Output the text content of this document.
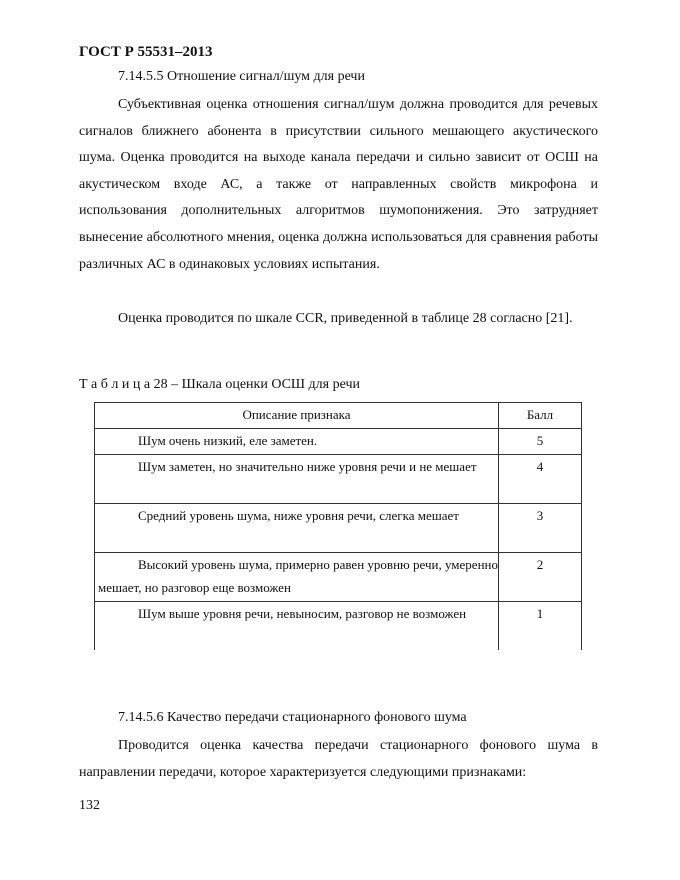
ГОСТ Р 55531–2013
7.14.5.5 Отношение сигнал/шум для речи
Субъективная оценка отношения сигнал/шум должна проводится для речевых сигналов ближнего абонента в присутствии сильного мешающего акустического шума. Оценка проводится на выходе канала передачи и сильно зависит от ОСШ на акустическом входе АС, а также от направленных свойств микрофона и использования дополнительных алгоритмов шумопонижения. Это затрудняет вынесение абсолютного мнения, оценка должна использоваться для сравнения работы различных АС в одинаковых условиях испытания.
Оценка проводится по шкале CCR, приведенной в таблице 28 согласно [21].
Т а б л и ц а 28 – Шкала оценки ОСШ для речи
Описание признака	Балл
Шум очень низкий, еле заметен.	5
Шум заметен, но значительно ниже уровня речи и не мешает	4
Средний уровень шума, ниже уровня речи, слегка мешает	3
Высокий уровень шума, примерно равен уровню речи, умеренно мешает, но разговор еще возможен	2
Шум выше уровня речи, невыносим, разговор не возможен	1
7.14.5.6 Качество передачи стационарного фонового шума
Проводится оценка качества передачи стационарного фонового шума в направлении передачи, которое характеризуется следующими признаками:
132
